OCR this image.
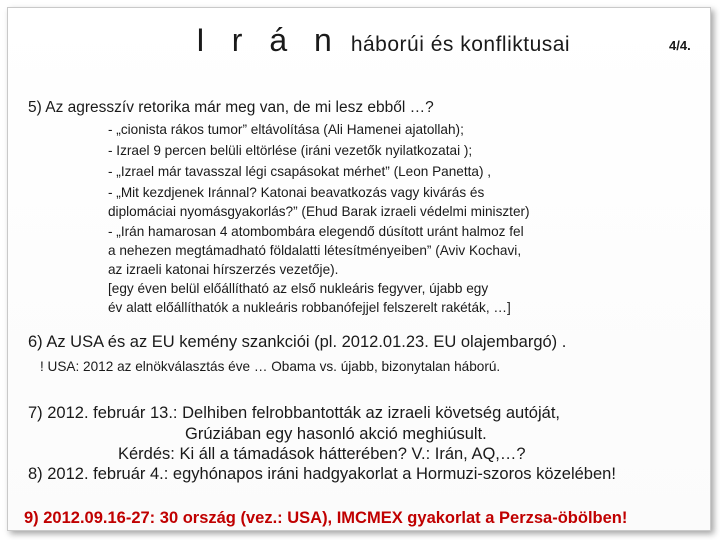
I r á n háborúi és konfliktusai	4/4.
5) Az agresszív retorika már meg van, de mi lesz ebből …?
- „cionista rákos tumor” eltávolítása (Ali Hamenei ajatollah);
- Izrael 9 percen belüli eltörlése (iráni vezetők nyilatkozatai );
- „Izrael már tavasszal légi csapásokat mérhet” (Leon Panetta) ,
- „Mit kezdjenek Iránnal? Katonai beavatkozás vagy kivárás és
diplomáciai nyomásgyakorlás?” (Ehud Barak izraeli védelmi miniszter)
- „Irán hamarosan 4 atombombára elegendő dúsított uránt halmoz fel
a nehezen megtámadható földalatti létesítményeiben” (Aviv Kochavi,
az izraeli katonai hírszerzés vezetője).
[egy éven belül előállítható az első nukleáris fegyver, újabb egy
év alatt előállíthatók a nukleáris robbanófejjel felszerelt rakéták, …]
6) Az USA és az EU kemény szankciói (pl. 2012.01.23. EU olajembargó) .
! USA: 2012 az elnökválasztás éve … Obama vs. újabb, bizonytalan háború.
7) 2012. február 13.: Delhiben felrobbantották az izraeli követség autóját,
Grúziában egy hasonló akció meghiúsult.
Kérdés: Ki áll a támadások hátterében? V.: Irán, AQ,…?
8) 2012. február 4.: egyhónapos iráni hadgyakorlat a Hormuzi-szoros közelében!
9) 2012.09.16-27: 30 ország (vez.: USA), IMCMEX gyakorlat a Perzsa-öbölben!
